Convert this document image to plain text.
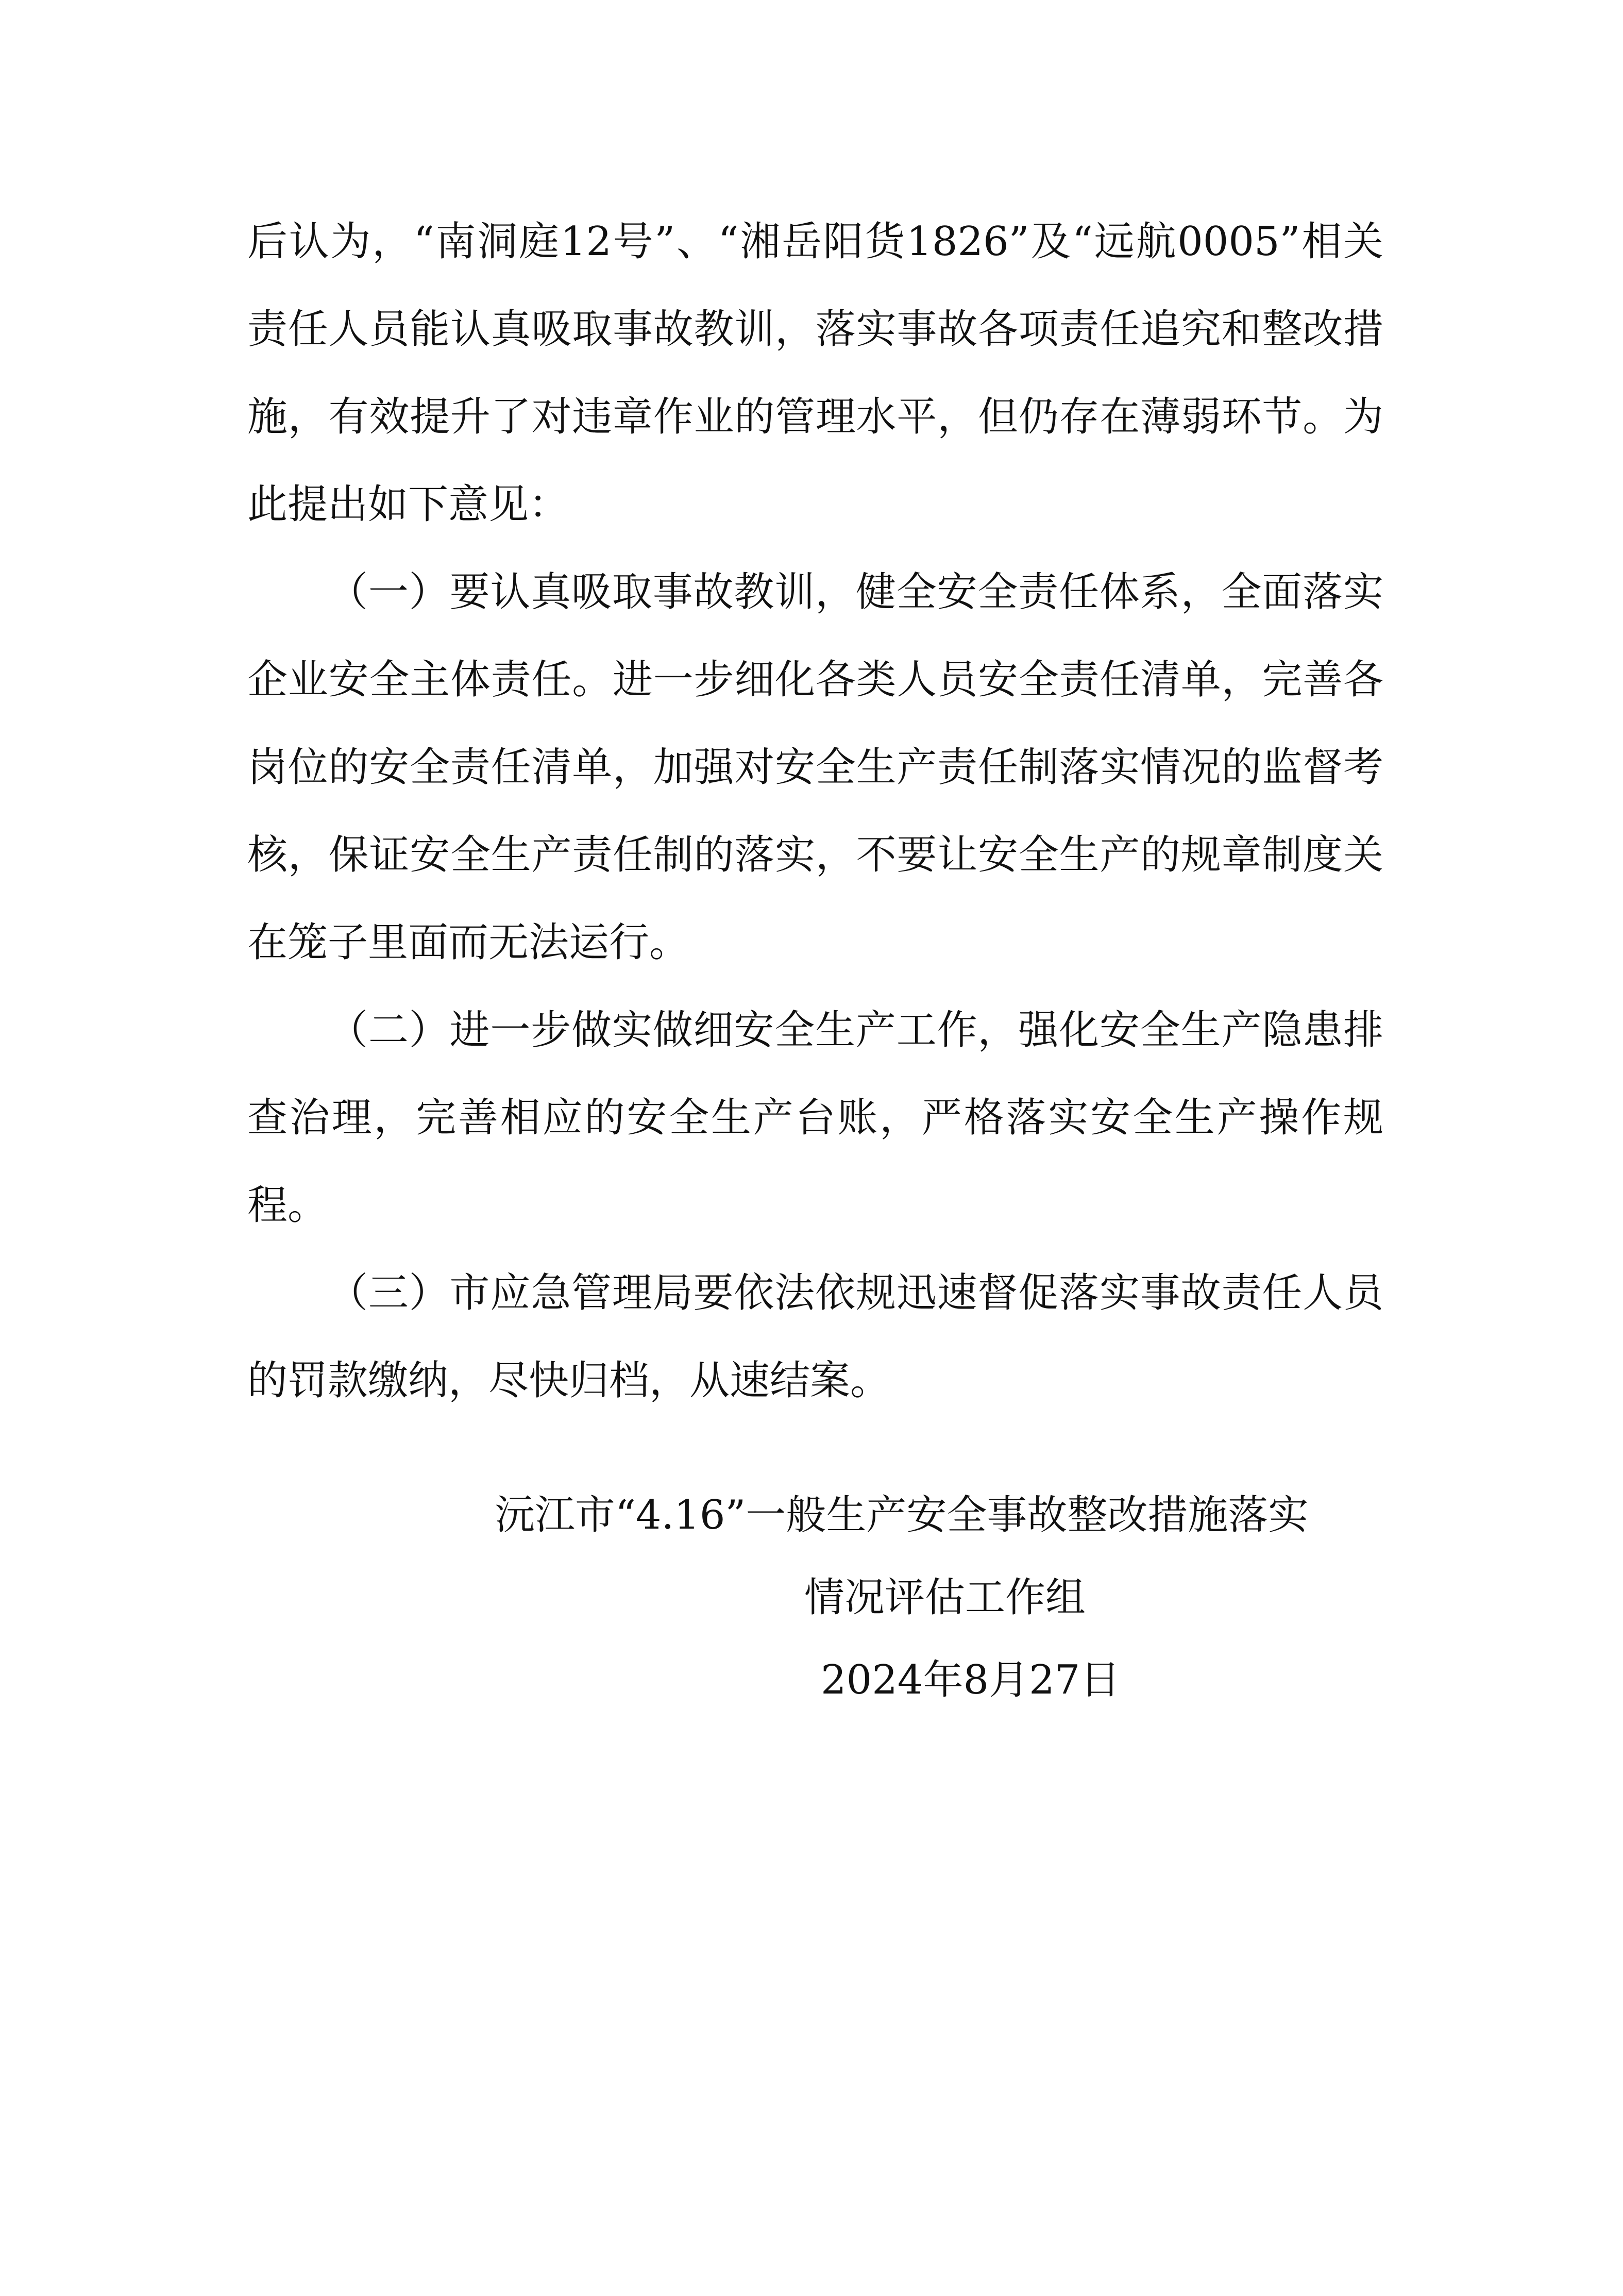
后认为，“南洞庭12号”、“湘岳阳货1826”及“远航0005”相关责任人员能认真吸取事故教训，落实事故各项责任追究和整改措施，有效提升了对违章作业的管理水平，但仍存在薄弱环节。为此提出如下意见：

（一）要认真吸取事故教训，健全安全责任体系，全面落实企业安全主体责任。进一步细化各类人员安全责任清单，完善各岗位的安全责任清单，加强对安全生产责任制落实情况的监督考核，保证安全生产责任制的落实，不要让安全生产的规章制度关在笼子里面而无法运行。

（二）进一步做实做细安全生产工作，强化安全生产隐患排查治理，完善相应的安全生产台账，严格落实安全生产操作规程。

（三）市应急管理局要依法依规迅速督促落实事故责任人员的罚款缴纳，尽快归档，从速结案。

沅江市“4.16”一般生产安全事故整改措施落实
情况评估工作组
2024年8月27日
